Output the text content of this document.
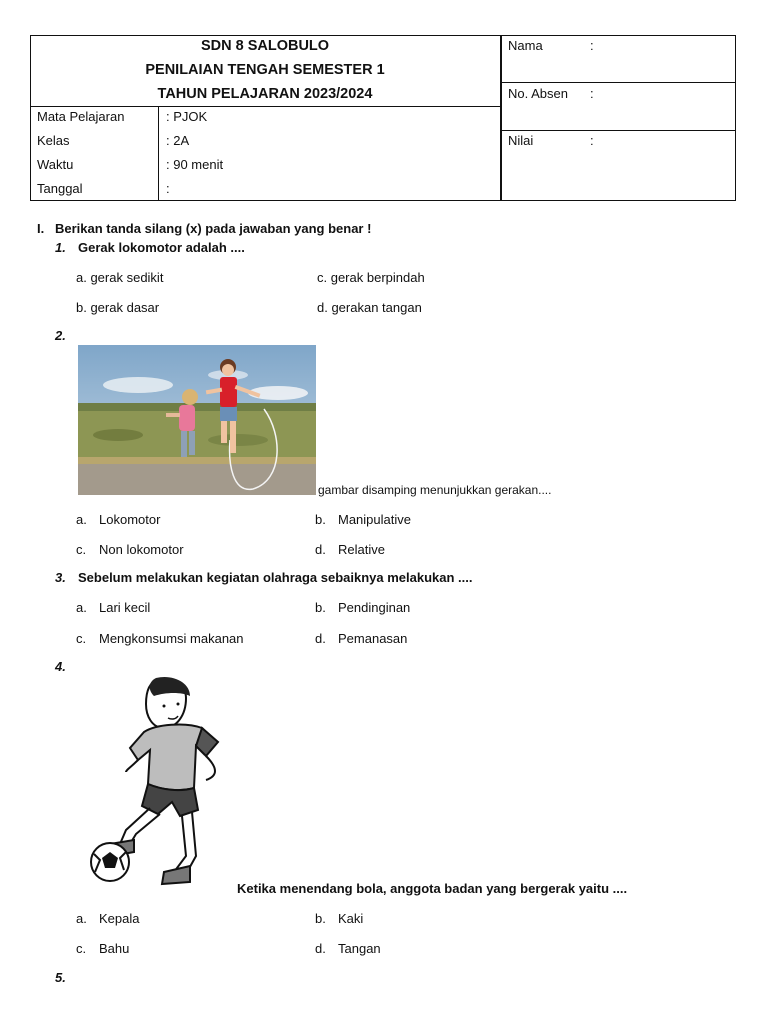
SDN 8 SALOBULO
PENILAIAN TENGAH SEMESTER 1
TAHUN PELAJARAN 2023/2024
Mata Pelajaran	: PJOK
Kelas	: 2A
Waktu	: 90 menit
Tanggal	:
Nama	:
No. Absen :
Nilai	:
I. Berikan tanda silang (x) pada jawaban yang benar !
1. Gerak lokomotor adalah ....
a. gerak sedikit	c. gerak berpindah
b. gerak dasar	d. gerakan tangan
2.
gambar disamping menunjukkan gerakan....
a. Lokomotor	b. Manipulative
c. Non lokomotor	d. Relative
3. Sebelum melakukan kegiatan olahraga sebaiknya melakukan ....
a. Lari kecil	b. Pendinginan
c. Mengkonsumsi makanan	d. Pemanasan
4.
Ketika menendang bola, anggota badan yang bergerak yaitu ....
a. Kepala	b. Kaki
c. Bahu	d. Tangan
5.
